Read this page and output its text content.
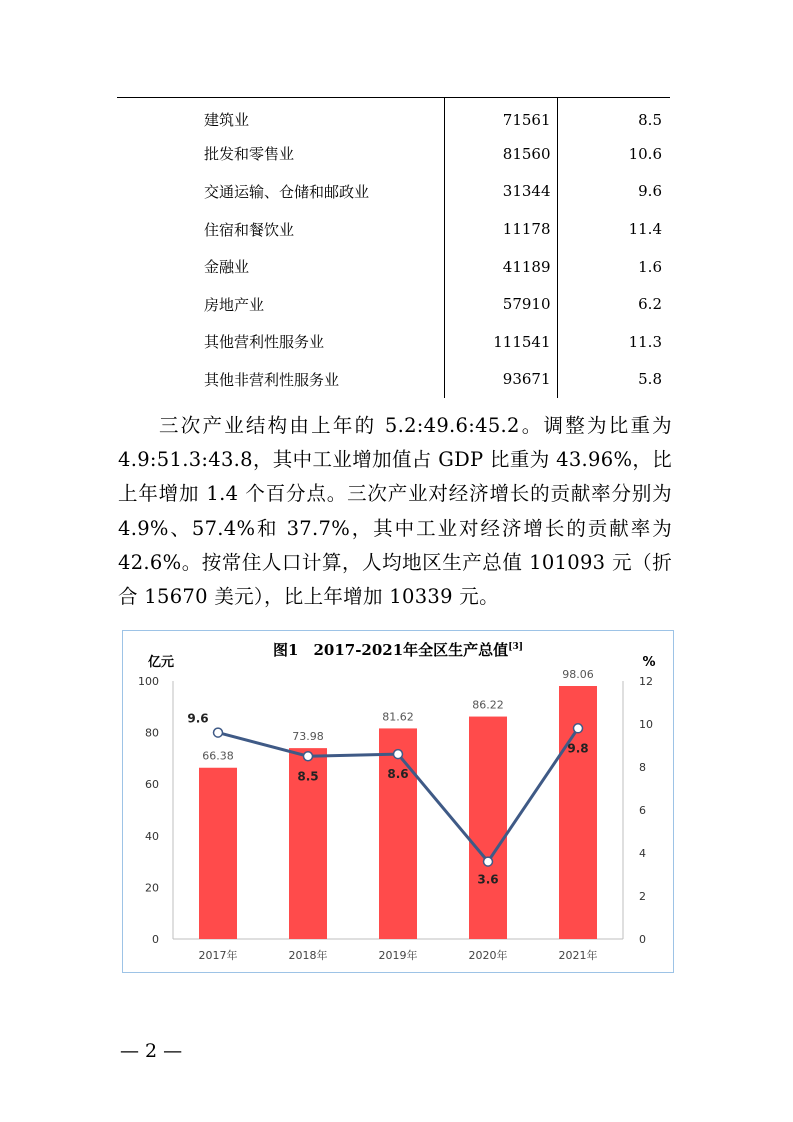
建筑业	71561	8.5
批发和零售业	81560	10.6
交通运输、仓储和邮政业	31344	9.6
住宿和餐饮业	11178	11.4
金融业	41189	1.6
房地产业	57910	6.2
其他营利性服务业	111541	11.3
其他非营利性服务业	93671	5.8

三次产业结构由上年的 5.2:49.6:45.2。调整为比重为4.9:51.3:43.8，其中工业增加值占 GDP 比重为 43.96%，比上年增加 1.4 个百分点。三次产业对经济增长的贡献率分别为4.9%、57.4%和 37.7%，其中工业对经济增长的贡献率为42.6%。按常住人口计算，人均地区生产总值 101093 元（折合 15670 美元），比上年增加 10339 元。

图1　2017-2021年全区生产总值[3]
0
20
40
60
80
100
0
2
4
6
8
10
12
亿元	%
66.38
73.98
81.62
86.22
98.06
2017年	2018年	2019年	2020年	2021年
9.6
8.5	8.6
3.6
9.8
— 2 —
